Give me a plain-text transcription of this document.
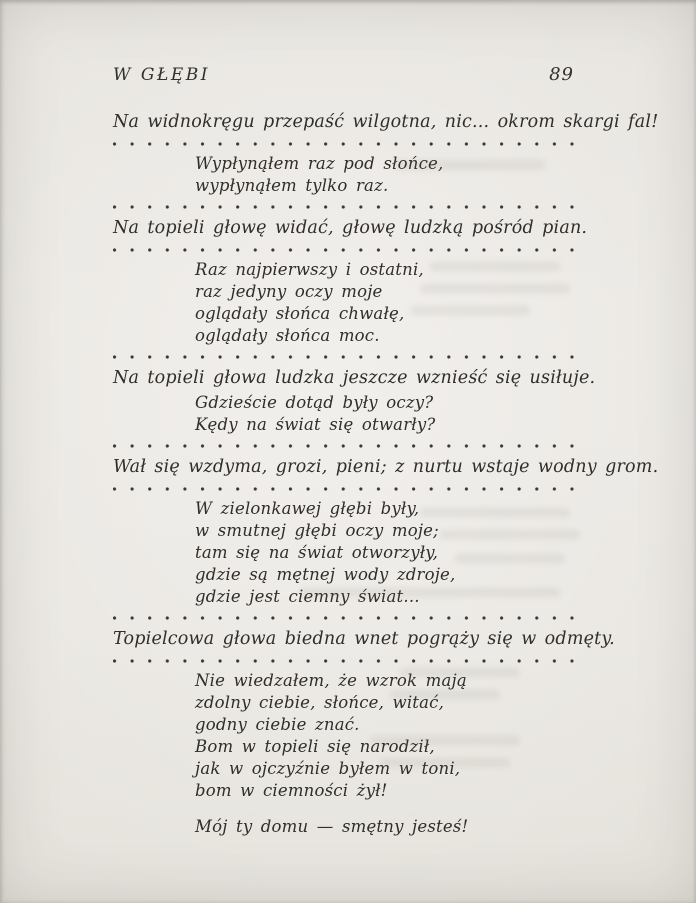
W GŁĘBI	89
Na widnokręgu przepaść wilgotna, nic... okrom skargi fal!
Wypłynąłem raz pod słońce,
wypłynąłem tylko raz.
Na topieli głowę widać, głowę ludzką pośród pian.
Raz najpierwszy i ostatni,
raz jedyny oczy moje
oglądały słońca chwałę,
oglądały słońca moc.
Na topieli głowa ludzka jeszcze wznieść się usiłuje.
Gdzieście dotąd były oczy?
Kędy na świat się otwarły?
Wał się wzdyma, grozi, pieni; z nurtu wstaje wodny grom.
W zielonkawej głębi były,
w smutnej głębi oczy moje;
tam się na świat otworzyły,
gdzie są mętnej wody zdroje,
gdzie jest ciemny świat...
Topielcowa głowa biedna wnet pogrąży się w odmęty.
Nie wiedzałem, że wzrok mają
zdolny ciebie, słońce, witać,
godny ciebie znać.
Bom w topieli się narodził,
jak w ojczyźnie byłem w toni,
bom w ciemności żył!
Mój ty domu — smętny jesteś!
